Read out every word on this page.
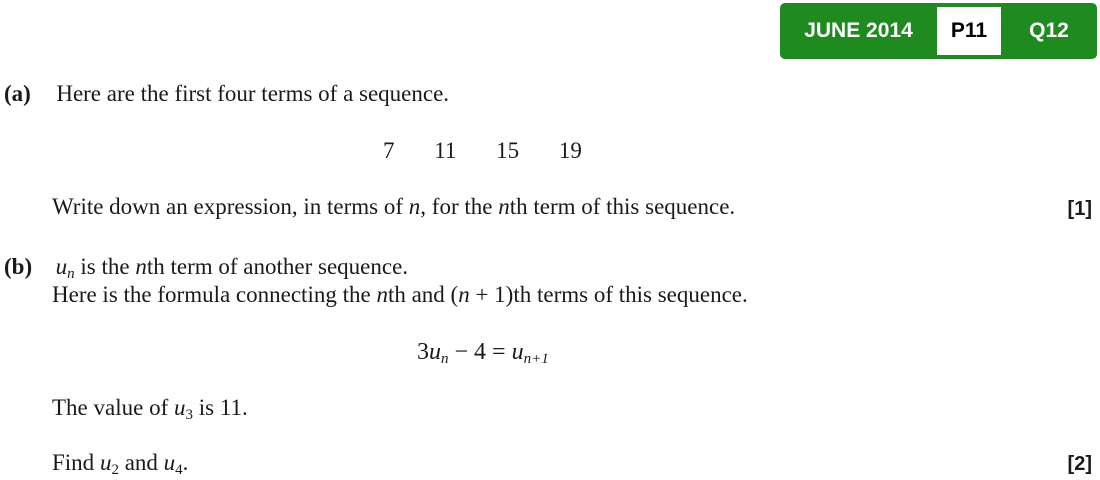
JUNE 2014	P11	Q12
(a) Here are the first four terms of a sequence.
7 11 15 19
Write down an expression, in terms of n, for the nth term of this sequence.	[1]
(b) $u_n$ is the nth term of another sequence.
Here is the formula connecting the nth and (n + 1)th terms of this sequence.
$3u_n - 4 = u_{n+1}$
The value of $u_3$ is 11.
Find $u_2$ and $u_4$.	[2]
